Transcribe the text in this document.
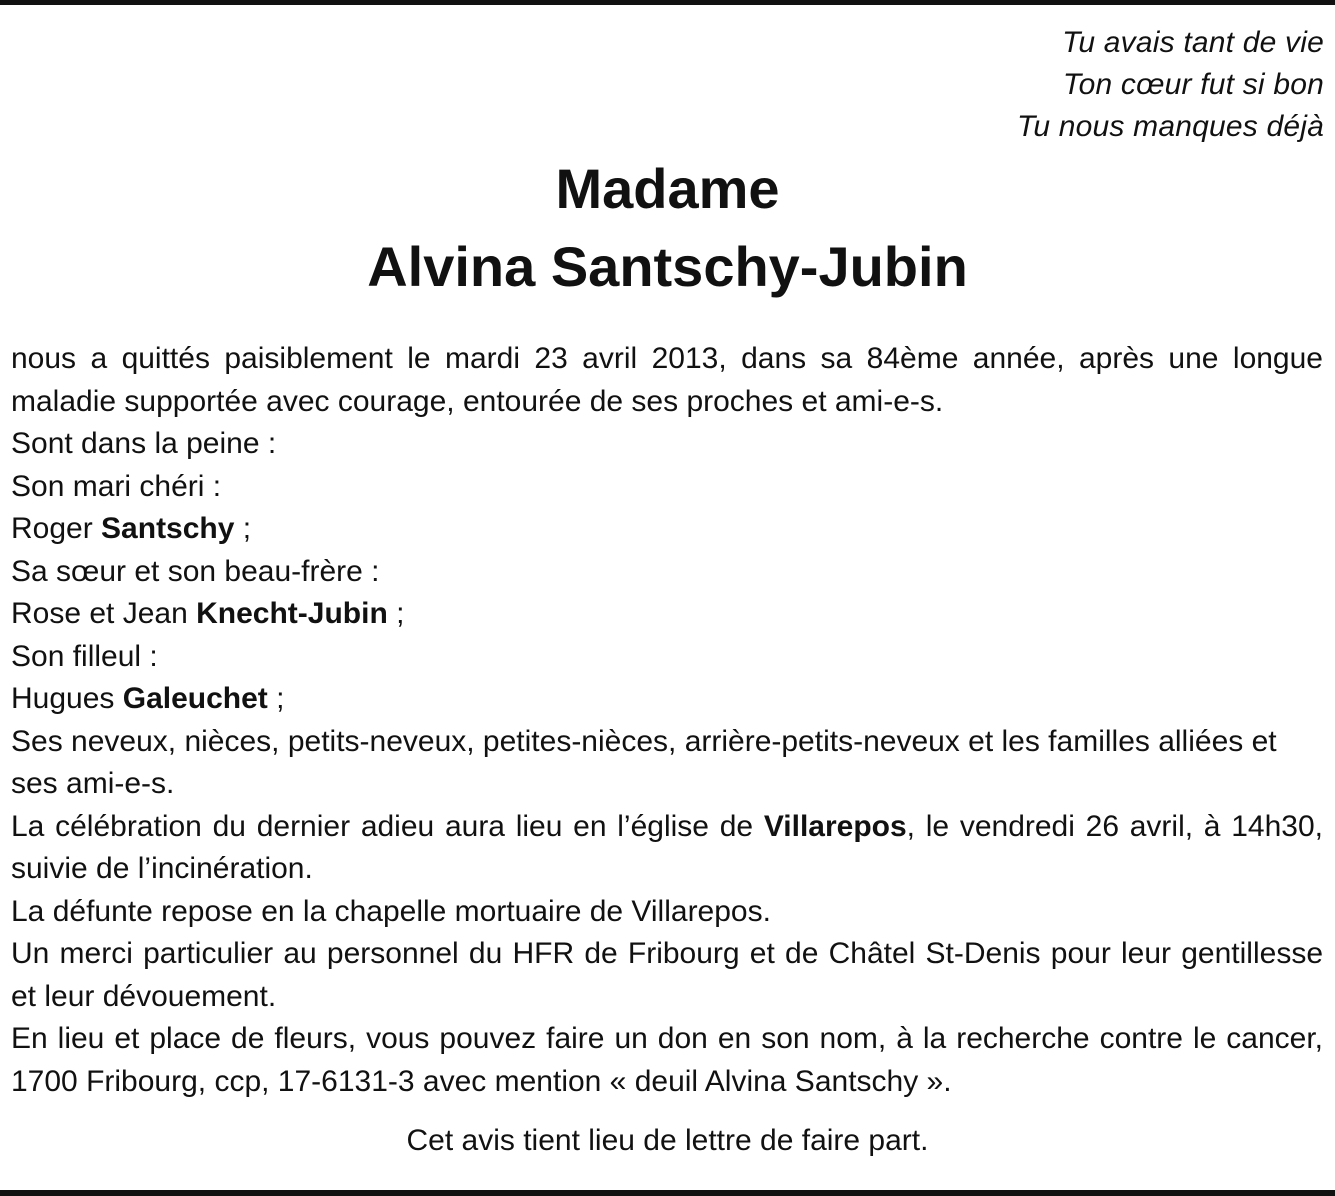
Tu avais tant de vie
Ton cœur fut si bon
Tu nous manques déjà
Madame
Alvina Santschy-Jubin

nous a quittés paisiblement le mardi 23 avril 2013, dans sa 84ème année, après une longue maladie supportée avec courage, entourée de ses proches et ami-e-s.

Sont dans la peine :

Son mari chéri :

Roger Santschy ;

Sa sœur et son beau-frère :

Rose et Jean Knecht-Jubin ;

Son filleul :

Hugues Galeuchet ;

Ses neveux, nièces, petits-neveux, petites-nièces, arrière-petits-neveux et les familles alliées et ses ami-e-s.

La célébration du dernier adieu aura lieu en l’église de Villarepos, le vendredi 26 avril, à 14h30, suivie de l’incinération.

La défunte repose en la chapelle mortuaire de Villarepos.

Un merci particulier au personnel du HFR de Fribourg et de Châtel St-Denis pour leur gentillesse et leur dévouement.

En lieu et place de fleurs, vous pouvez faire un don en son nom, à la recherche contre le cancer, 1700 Fribourg, ccp, 17-6131-3 avec mention « deuil Alvina Santschy ».

Cet avis tient lieu de lettre de faire part.
